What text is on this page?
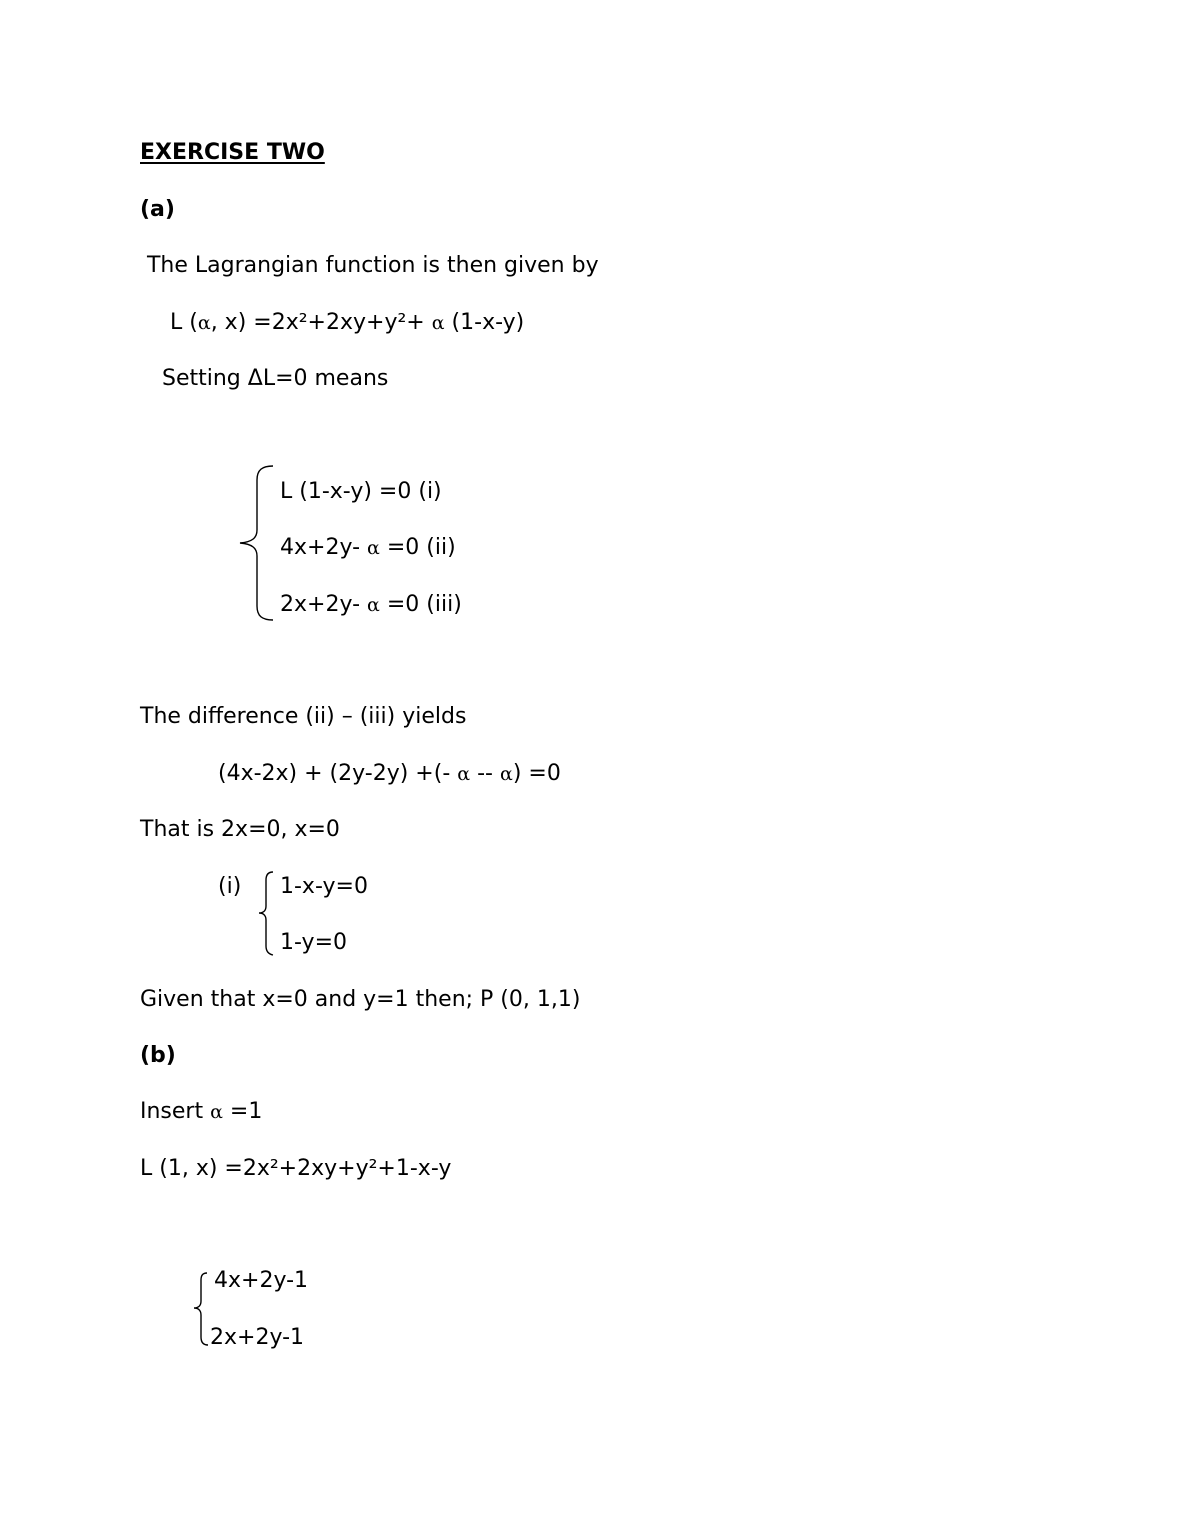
EXERCISE TWO
(a)
The Lagrangian function is then given by
L (α, x) =2x²+2xy+y²+ α (1-x-y)
Setting ΔL=0 means
L (1-x-y) =0 (i)
4x+2y- α =0 (ii)
2x+2y- α =0 (iii)
The difference (ii) – (iii) yields
(4x-2x) + (2y-2y) +(- α -- α) =0
That is 2x=0, x=0
(i) 1-x-y=0
1-y=0
Given that x=0 and y=1 then; P (0, 1,1)
(b)
Insert α =1
L (1, x) =2x²+2xy+y²+1-x-y
4x+2y-1
2x+2y-1
